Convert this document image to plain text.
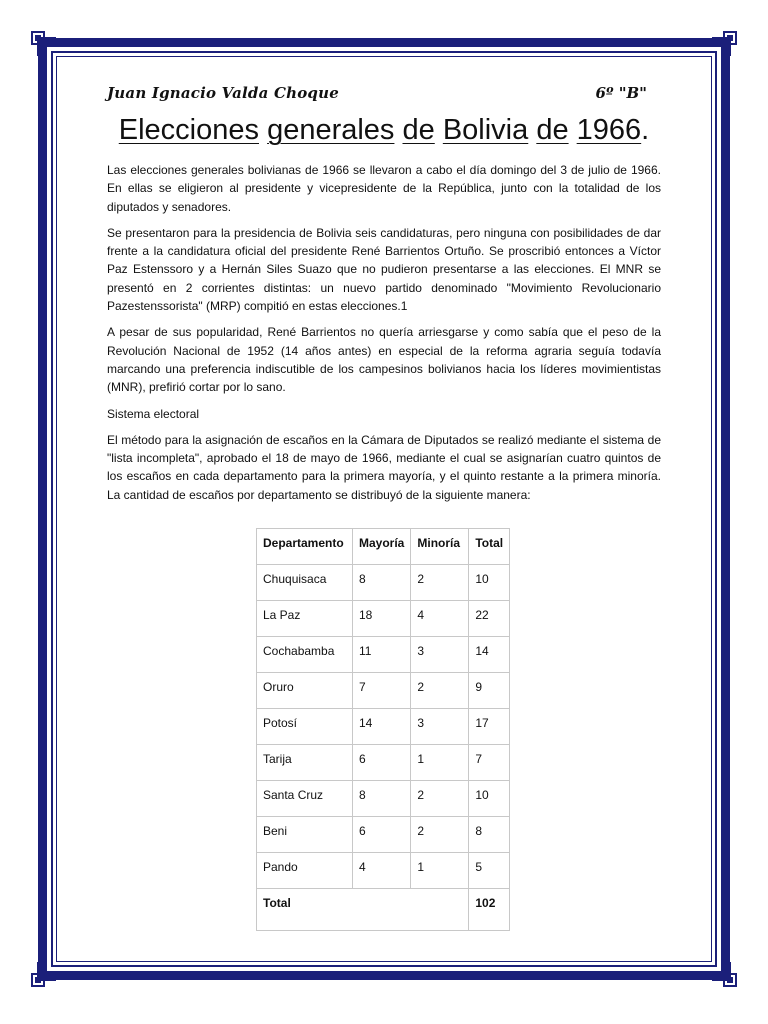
Juan Ignacio Valda Choque	6º "B"
Elecciones generales de Bolivia de 1966.

Las elecciones generales bolivianas de 1966 se llevaron a cabo el día domingo del 3 de julio de 1966. En ellas se eligieron al presidente y vicepresidente de la República, junto con la totalidad de los diputados y senadores.

Se presentaron para la presidencia de Bolivia seis candidaturas, pero ninguna con posibilidades de dar frente a la candidatura oficial del presidente René Barrientos Ortuño. Se proscribió entonces a Víctor Paz Estenssoro y a Hernán Siles Suazo que no pudieron presentarse a las elecciones. El MNR se presentó en 2 corrientes distintas: un nuevo partido denominado "Movimiento Revolucionario Pazestenssorista" (MRP) compitió en estas elecciones.1

A pesar de sus popularidad, René Barrientos no quería arriesgarse y como sabía que el peso de la Revolución Nacional de 1952 (14 años antes) en especial de la reforma agraria seguía todavía marcando una preferencia indiscutible de los campesinos bolivianos hacia los líderes movimientistas (MNR), prefirió cortar por lo sano.

Sistema electoral

El método para la asignación de escaños en la Cámara de Diputados se realizó mediante el sistema de "lista incompleta", aprobado el 18 de mayo de 1966, mediante el cual se asignarían cuatro quintos de los escaños en cada departamento para la primera mayoría, y el quinto restante a la primera minoría. La cantidad de escaños por departamento se distribuyó de la siguiente manera:

Departamento	Mayoría	Minoría	Total
Chuquisaca	8	2	10
La Paz	18	4	22
Cochabamba	11	3	14
Oruro	7	2	9
Potosí	14	3	17
Tarija	6	1	7
Santa Cruz	8	2	10
Beni	6	2	8
Pando	4	1	5
Total			102
